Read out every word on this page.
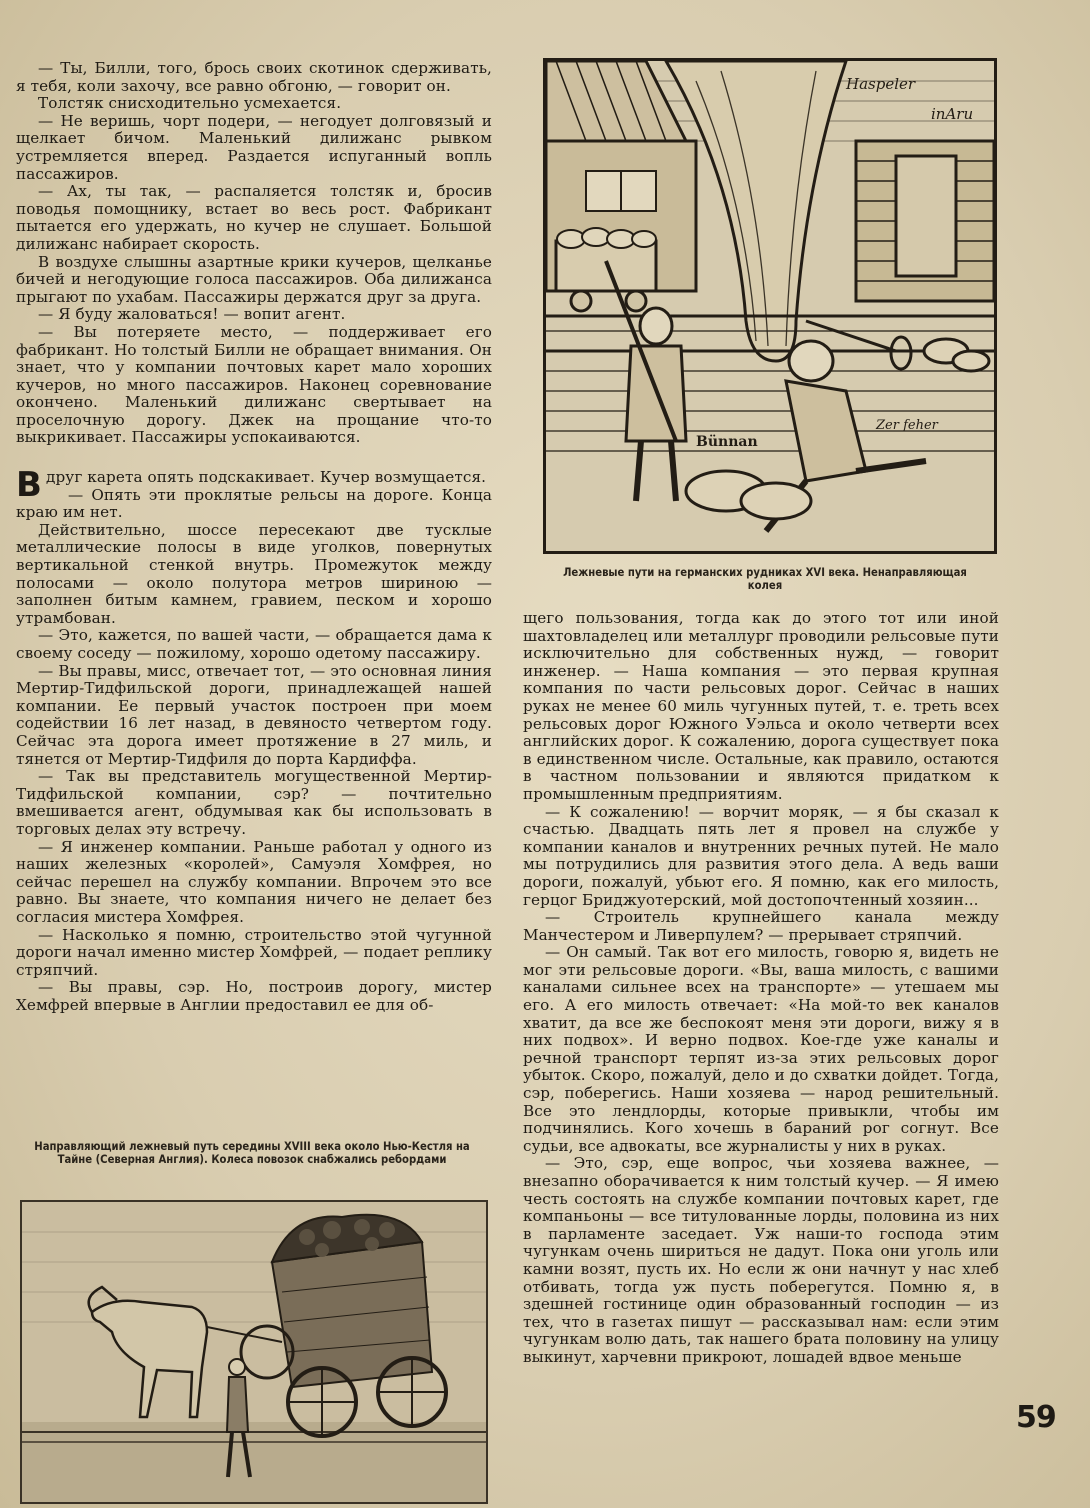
— Ты, Билли, того, брось своих скотинок сдерживать, я тебя, коли захочу, все равно обгоню, — говорит он.

Толстяк снисходительно усмехается.

— Не веришь, чорт подери, — негодует долговязый и щелкает бичом. Маленький дилижанс рывком устремляется вперед. Раздается испуганный вопль пассажиров.

— Ах, ты так, — распаляется толстяк и, бросив поводья помощнику, встает во весь рост. Фабрикант пытается его удержать, но кучер не слушает. Большой дилижанс набирает скорость.

В воздухе слышны азартные крики кучеров, щелканье бичей и негодующие голоса пассажиров. Оба дилижанса прыгают по ухабам. Пассажиры держатся друг за друга.

— Я буду жаловаться! — вопит агент.

— Вы потеряете место, — поддерживает его фабрикант. Но толстый Билли не обращает внимания. Он знает, что у компании почтовых карет мало хороших кучеров, но много пассажиров. Наконец соревнование окончено. Маленький дилижанс свертывает на проселочную дорогу. Джек на прощание что-то выкрикивает. Пассажиры успокаиваются.

Вдруг карета опять подскакивает. Кучер возмущается.

— Опять эти проклятые рельсы на дороге. Конца краю им нет.

Действительно, шоссе пересекают две тусклые металлические полосы в виде уголков, повернутых вертикальной стенкой внутрь. Промежуток между полосами — около полутора метров шириною — заполнен битым камнем, гравием, песком и хорошо утрамбован.

— Это, кажется, по вашей части, — обращается дама к своему соседу — пожилому, хорошо одетому пассажиру.

— Вы правы, мисс, отвечает тот, — это основная линия Мертир-Тидфильской дороги, принадлежащей нашей компании. Ее первый участок построен при моем содействии 16 лет назад, в девяносто четвертом году. Сейчас эта дорога имеет протяжение в 27 миль, и тянется от Мертир-Тидфиля до порта Кардиффа.

— Так вы представитель могущественной Мертир-Тидфильской компании, сэр? — почтительно вмешивается агент, обдумывая как бы использовать в торговых делах эту встречу.

— Я инженер компании. Раньше работал у одного из наших железных «королей», Самуэля Хомфрея, но сейчас перешел на службу компании. Впрочем это все равно. Вы знаете, что компания ничего не делает без согласия мистера Хомфрея.

— Насколько я помню, строительство этой чугунной дороги начал именно мистер Хомфрей, — подает реплику стряпчий.

— Вы правы, сэр. Но, построив дорогу, мистер Хемфрей впервые в Англии предоставил ее для об-

Haspeler
inAru
Zer feher
Bünnan
Лежневые пути на германских рудниках XVI века. Ненаправляющая колея

щего пользования, тогда как до этого тот или иной шахтовладелец или металлург проводили рельсовые пути исключительно для собственных нужд, — говорит инженер. — Наша компания — это первая крупная компания по части рельсовых дорог. Сейчас в наших руках не менее 60 миль чугунных путей, т. е. треть всех рельсовых дорог Южного Уэльса и около четверти всех английских дорог. К сожалению, дорога существует пока в единственном числе. Остальные, как правило, остаются в частном пользовании и являются придатком к промышленным предприятиям.

— К сожалению! — ворчит моряк, — я бы сказал к счастью. Двадцать пять лет я провел на службе у компании каналов и внутренних речных путей. Не мало мы потрудились для развития этого дела. А ведь ваши дороги, пожалуй, убьют его. Я помню, как его милость, герцог Бриджуотерский, мой достопочтенный хозяин...

— Строитель крупнейшего канала между Манчестером и Ливерпулем? — прерывает стряпчий.

— Он самый. Так вот его милость, говорю я, видеть не мог эти рельсовые дороги. «Вы, ваша милость, с вашими каналами сильнее всех на транспорте» — утешаем мы его. А его милость отвечает: «На мой-то век каналов хватит, да все же беспокоят меня эти дороги, вижу я в них подвох». И верно подвох. Кое-где уже каналы и речной транспорт терпят из-за этих рельсовых дорог убыток. Скоро, пожалуй, дело и до схватки дойдет. Тогда, сэр, поберегись. Наши хозяева — народ решительный. Все это лендлорды, которые привыкли, чтобы им подчинялись. Кого хочешь в бараний рог согнут. Все судьи, все адвокаты, все журналисты у них в руках.

— Это, сэр, еще вопрос, чьи хозяева важнее, — внезапно оборачивается к ним толстый кучер. — Я имею честь состоять на службе компании почтовых карет, где компаньоны — все титулованные лорды, половина из них в парламенте заседает. Уж наши-то господа этим чугункам очень шириться не дадут. Пока они уголь или камни возят, пусть их. Но если ж они начнут у нас хлеб отбивать, тогда уж пусть поберегутся. Помню я, в здешней гостинице один образованный господин — из тех, что в газетах пишут — рассказывал нам: если этим чугункам волю дать, так нашего брата половину на улицу выкинут, харчевни прикроют, лошадей вдвое меньше

Направляющий лежневый путь середины XVIII века около Нью-Кестля на Тайне (Северная Англия). Колеса повозок снабжались ребордами
59
